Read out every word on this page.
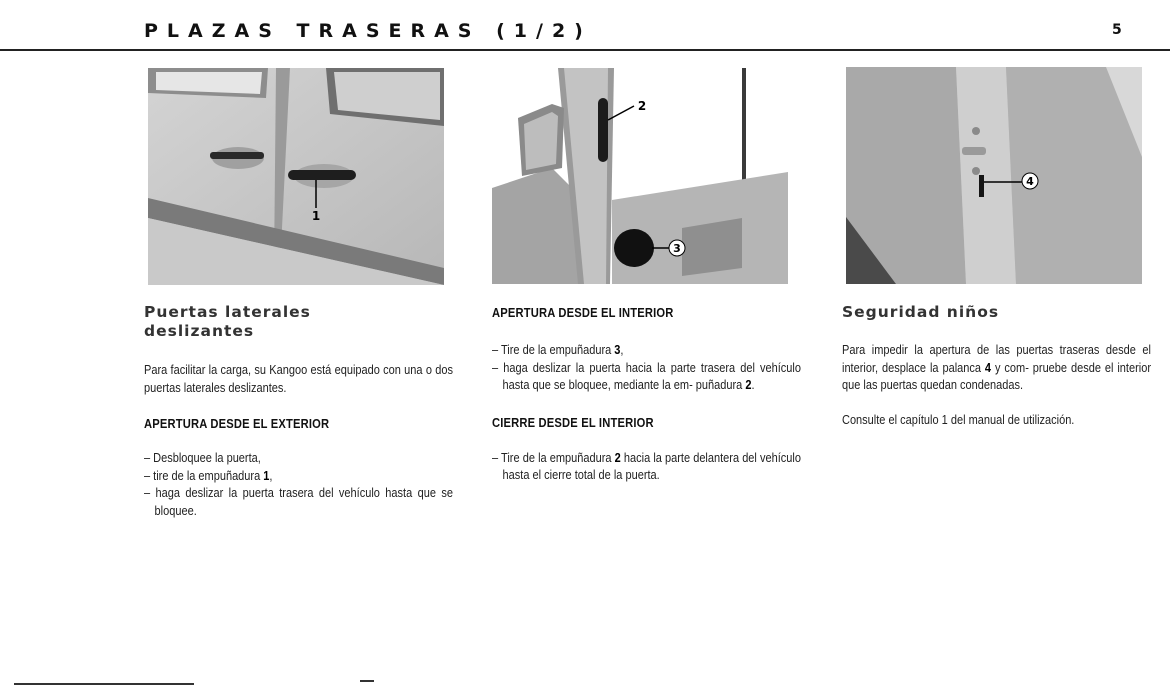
PLAZAS TRASERAS (1/2)	5
1
2
3
4
Puertas laterales
deslizantes

Para facilitar la carga, su Kangoo está equipado con una o dos puertas laterales deslizantes.

APERTURA DESDE EL EXTERIOR
– Desbloquee la puerta,
– tire de la empuñadura 1,
– haga deslizar la puerta trasera del vehículo hasta que se bloquee.
APERTURA DESDE EL INTERIOR
– Tire de la empuñadura 3,
– haga deslizar la puerta hacia la parte trasera del vehículo hasta que se bloquee, mediante la em- puñadura 2.
CIERRE DESDE EL INTERIOR
– Tire de la empuñadura 2 hacia la parte delantera del vehículo hasta el cierre total de la puerta.
Seguridad niños

Para impedir la apertura de las puertas traseras desde el interior, desplace la palanca 4 y com- pruebe desde el interior que las puertas quedan condenadas.

Consulte el capítulo 1 del manual de utilización.
